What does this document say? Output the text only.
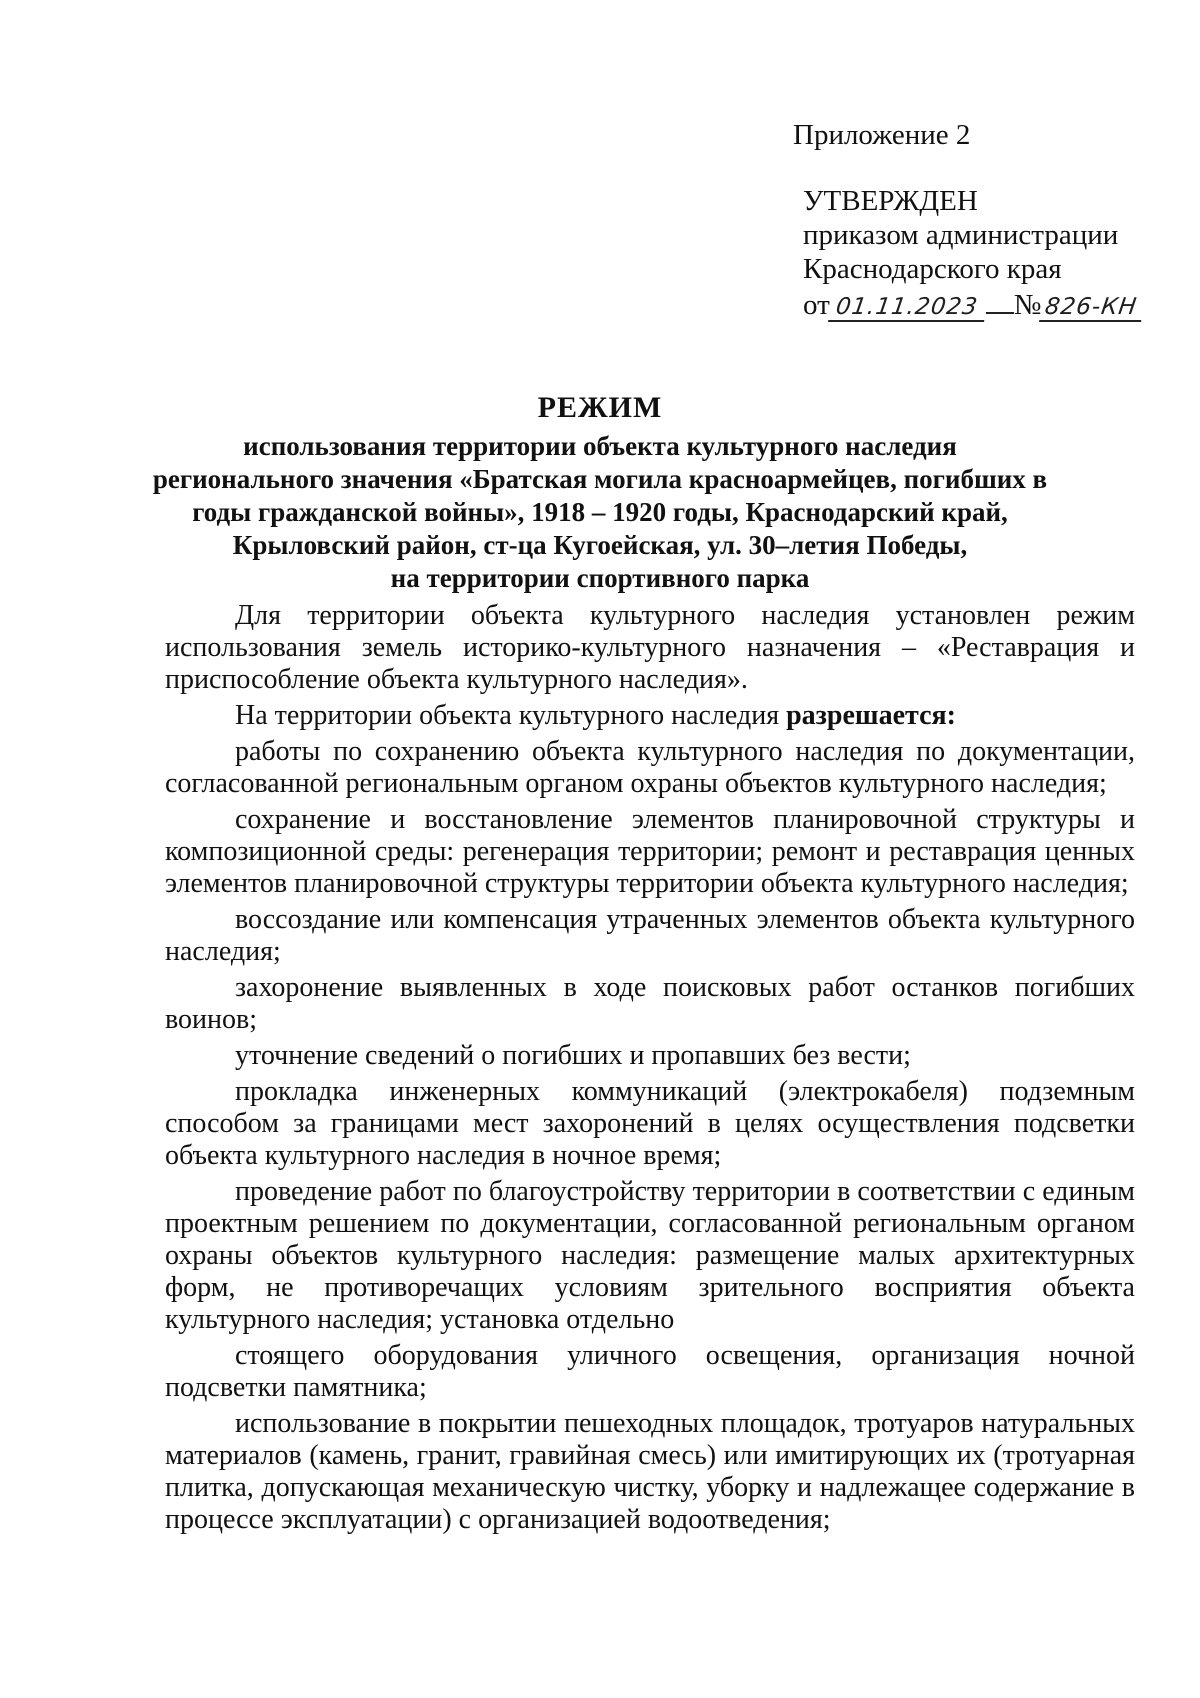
Приложение 2
УТВЕРЖДЕН
приказом администрации
Краснодарского края
от 01.11.2023 № 826-КН
РЕЖИМ
использования территории объекта культурного наследия
регионального значения «Братская могила красноармейцев, погибших в
годы гражданской войны», 1918 – 1920 годы, Краснодарский край,
Крыловский район, ст-ца Кугоейская, ул. 30–летия Победы,
на территории спортивного парка

Для территории объекта культурного наследия установлен режим использования земель историко-культурного назначения – «Реставрация и приспособление объекта культурного наследия».

На территории объекта культурного наследия разрешается:

работы по сохранению объекта культурного наследия по документации, согласованной региональным органом охраны объектов культурного наследия;

сохранение и восстановление элементов планировочной структуры и композиционной среды: регенерация территории; ремонт и реставрация ценных элементов планировочной структуры территории объекта культурного наследия;

воссоздание или компенсация утраченных элементов объекта культурного наследия;

захоронение выявленных в ходе поисковых работ останков погибших воинов;

уточнение сведений о погибших и пропавших без вести;

прокладка инженерных коммуникаций (электрокабеля) подземным способом за границами мест захоронений в целях осуществления подсветки объекта культурного наследия в ночное время;

проведение работ по благоустройству территории в соответствии с единым проектным решением по документации, согласованной региональным органом охраны объектов культурного наследия: размещение малых архитектурных форм, не противоречащих условиям зрительного восприятия объекта культурного наследия; установка отдельно

стоящего оборудования уличного освещения, организация ночной подсветки памятника;

использование в покрытии пешеходных площадок, тротуаров натуральных материалов (камень, гранит, гравийная смесь) или имитирующих их (тротуарная плитка, допускающая механическую чистку, уборку и надлежащее содержание в процессе эксплуатации) с организацией водоотведения;
